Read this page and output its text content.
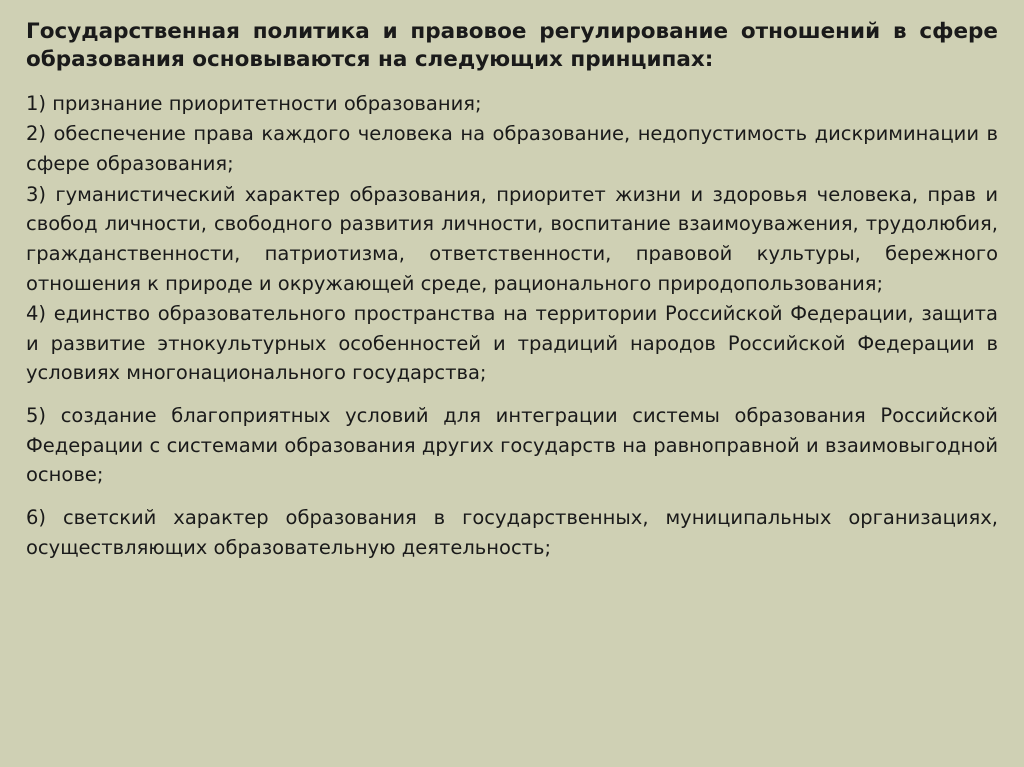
Государственная политика и правовое регулирование отношений в сфере образования основываются на следующих принципах:

1) признание приоритетности образования;

2) обеспечение права каждого человека на образование, недопустимость дискриминации в сфере образования;

3) гуманистический характер образования, приоритет жизни и здоровья человека, прав и свобод личности, свободного развития личности, воспитание взаимоуважения, трудолюбия, гражданственности, патриотизма, ответственности, правовой культуры, бережного отношения к природе и окружающей среде, рационального природопользования;

4) единство образовательного пространства на территории Российской Федерации, защита и развитие этнокультурных особенностей и традиций народов Российской Федерации в условиях многонационального государства;

5) создание благоприятных условий для интеграции системы образования Российской Федерации с системами образования других государств на равноправной и взаимовыгодной основе;

6) светский характер образования в государственных, муниципальных организациях, осуществляющих образовательную деятельность;
